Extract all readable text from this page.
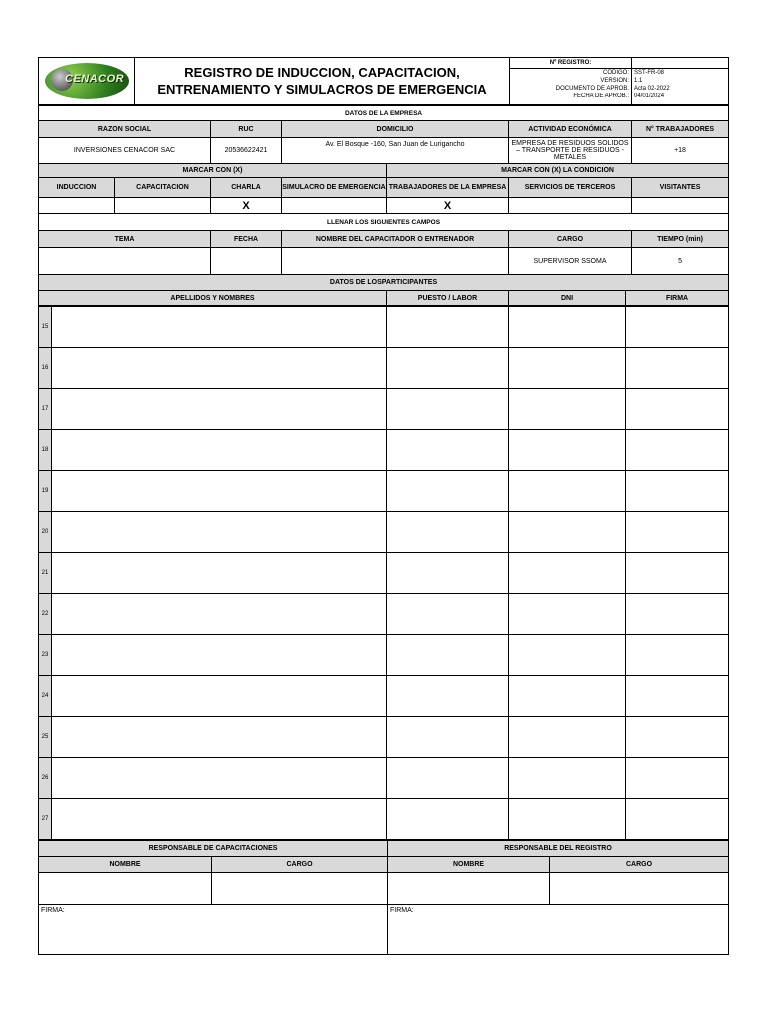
CENACOR	REGISTRO DE INDUCCION, CAPACITACION,
ENTRENAMIENTO Y SIMULACROS DE EMERGENCIA	Nº REGISTRO:	
		CÓDIGO:	SST-FR-08
		VERSIÓN:	1.1
		DOCUMENTO DE APROB.	Acta 02-2022
		FECHA DE APROB.:	04/01/2024
DATOS DE LA EMPRESA							
RAZON SOCIAL		RUC	DOMICILIO		ACTIVIDAD ECONÓMICA		N° TRABAJADORES
INVERSIONES CENACOR SAC		20536622421	Av. El Bosque -160, San Juan de Lurigancho		EMPRESA DE RESIDUOS SOLIDOS – TRANSPORTE DE RESIDUOS - METALES		+18
MARCAR CON (X)				MARCAR CON (X) LA CONDICION			
INDUCCION	CAPACITACION	CHARLA	SIMULACRO DE EMERGENCIA	TRABAJADORES DE LA EMPRESA	SERVICIOS DE TERCEROS		VISITANTES
		X		X			
LLENAR LOS SIGUIENTES CAMPOS							
TEMA		FECHA	NOMBRE DEL CAPACITADOR O ENTRENADOR		CARGO		TIEMPO (min)
					SUPERVISOR SSOMA		5
DATOS DE LOSPARTICIPANTES							
APELLIDOS Y NOMBRES				PUESTO / LABOR	DNI	FIRMA	
15				
16				
17				
18				
19				
20				
21				
22				
23				
24				
25				
26				
27				
RESPONSABLE DE CAPACITACIONES		RESPONSABLE DEL REGISTRO	
NOMBRE	CARGO	NOMBRE	CARGO

FIRMA:		FIRMA:	
